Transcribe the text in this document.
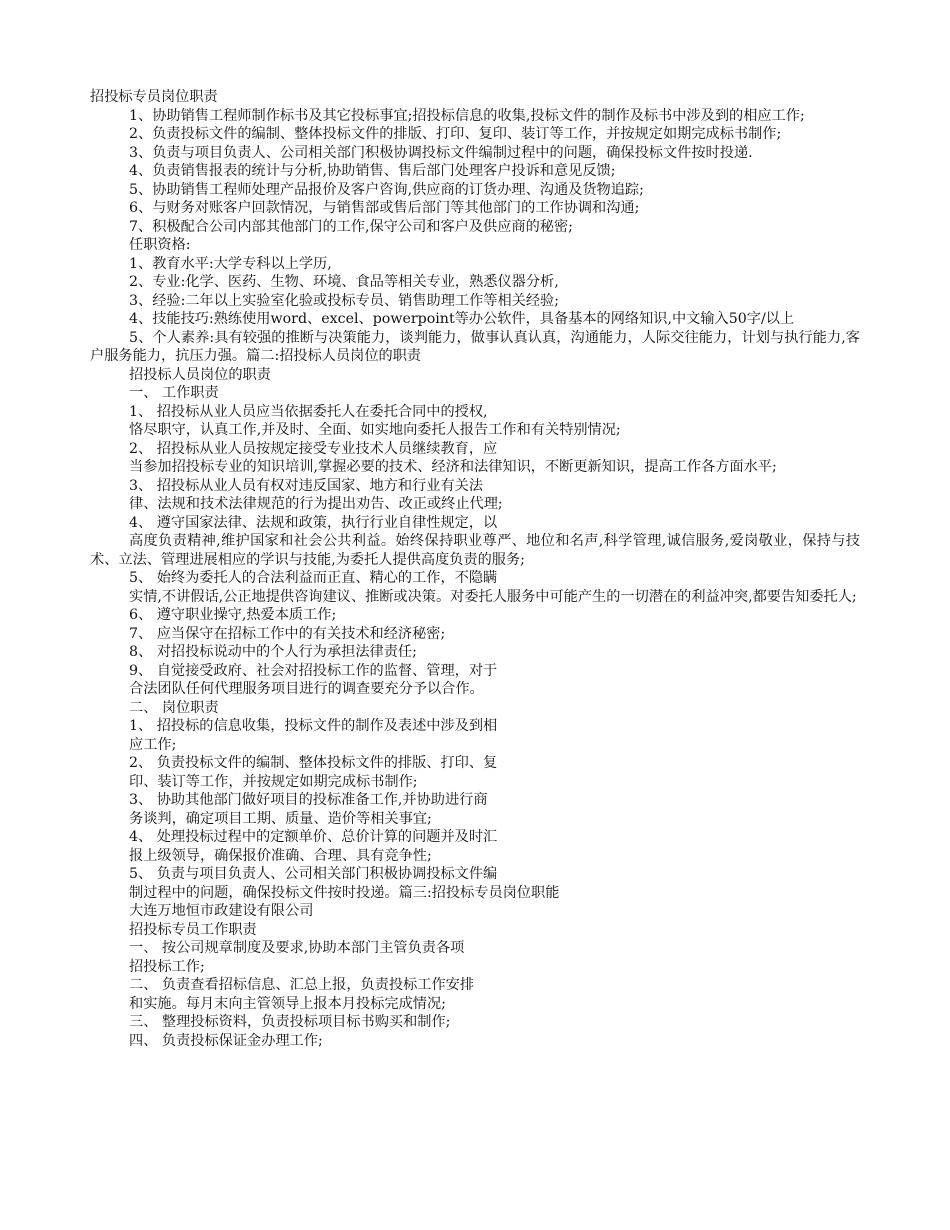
招投标专员岗位职责
1、协助销售工程师制作标书及其它投标事宜;招投标信息的收集,投标文件的制作及标书中涉及到的相应工作;
2、负责投标文件的编制、整体投标文件的排版、打印、复印、装订等工作，并按规定如期完成标书制作;
3、负责与项目负责人、公司相关部门积极协调投标文件编制过程中的问题，确保投标文件按时投递.
4、负责销售报表的统计与分析,协助销售、售后部门处理客户投诉和意见反馈;
5、协助销售工程师处理产品报价及客户咨询,供应商的订货办理、沟通及货物追踪;
6、与财务对账客户回款情况，与销售部或售后部门等其他部门的工作协调和沟通;
7、积极配合公司内部其他部门的工作,保守公司和客户及供应商的秘密;
任职资格:
1、教育水平:大学专科以上学历,
2、专业:化学、医药、生物、环境、食品等相关专业，熟悉仪器分析,
3、经验:二年以上实验室化验或投标专员、销售助理工作等相关经验;
4、技能技巧:熟练使用word、excel、powerpoint等办公软件，具备基本的网络知识,中文输入50字/以上
5、个人素养:具有较强的推断与决策能力，谈判能力，做事认真认真，沟通能力，人际交往能力，计划与执行能力,客户服务能力，抗压力强。篇二:招投标人员岗位的职责
招投标人员岗位的职责
一、 工作职责
1、 招投标从业人员应当依据委托人在委托合同中的授权,
恪尽职守，认真工作,并及时、全面、如实地向委托人报告工作和有关特别情况;
2、 招投标从业人员按规定接受专业技术人员继续教育，应
当参加招投标专业的知识培训,掌握必要的技术、经济和法律知识，不断更新知识，提高工作各方面水平;
3、 招投标从业人员有权对违反国家、地方和行业有关法
律、法规和技术法律规范的行为提出劝告、改正或终止代理;
4、 遵守国家法律、法规和政策，执行行业自律性规定，以
高度负责精神,维护国家和社会公共利益。始终保持职业尊严、地位和名声,科学管理,诚信服务,爱岗敬业，保持与技术、立法、管理进展相应的学识与技能,为委托人提供高度负责的服务;
5、 始终为委托人的合法利益而正直、精心的工作，不隐瞒
实情,不讲假话,公正地提供咨询建议、推断或决策。对委托人服务中可能产生的一切潜在的利益冲突,都要告知委托人;
6、 遵守职业操守,热爱本质工作;
7、 应当保守在招标工作中的有关技术和经济秘密;
8、 对招投标说动中的个人行为承担法律责任;
9、 自觉接受政府、社会对招投标工作的监督、管理，对于
合法团队任何代理服务项目进行的调查要充分予以合作。
二、 岗位职责
1、 招投标的信息收集，投标文件的制作及表述中涉及到相
应工作;
2、 负责投标文件的编制、整体投标文件的排版、打印、复
印、装订等工作，并按规定如期完成标书制作;
3、 协助其他部门做好项目的投标准备工作,并协助进行商
务谈判，确定项目工期、质量、造价等相关事宜;
4、 处理投标过程中的定额单价、总价计算的问题并及时汇
报上级领导，确保报价准确、合理、具有竞争性;
5、 负责与项目负责人、公司相关部门积极协调投标文件编
制过程中的问题，确保投标文件按时投递。篇三:招投标专员岗位职能
大连万地恒市政建设有限公司
招投标专员工作职责
一、 按公司规章制度及要求,协助本部门主管负责各项
招投标工作;
二、 负责查看招标信息、汇总上报，负责投标工作安排
和实施。每月末向主管领导上报本月投标完成情况;
三、 整理投标资料，负责投标项目标书购买和制作;
四、 负责投标保证金办理工作;
